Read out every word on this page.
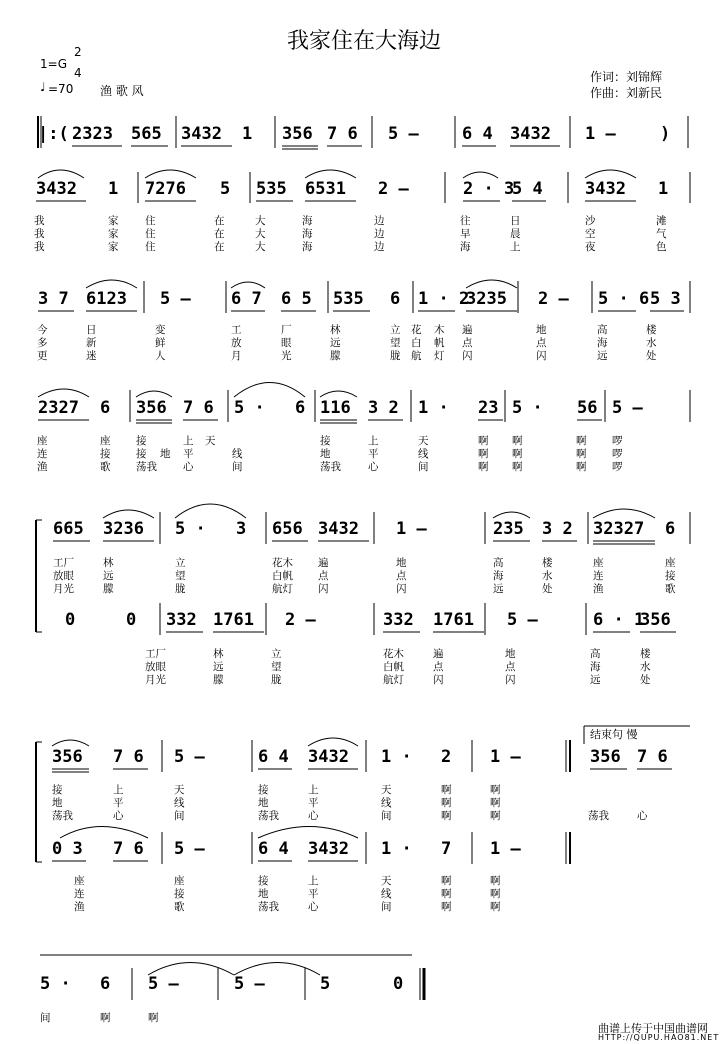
我家住在大海边
1=G
2
4
♩ =70 渔 歌 风
作词：刘锦辉
作曲：刘新民
结束句 慢
|:( 2323 565 3432 1 356 7 6 5 –	6 4 3432 1 –	)
3432 1 7276 5 535 6531 2 –	2 · 3
5 4 3432 1
3 7 6123 5 – 6 7 6 5 535 6 1 · 2
3235 2 – 5 · 6 5 3
2327 6 356 7 6 5 · 6 116 3 2 1 · 23 5 · 56 5 –
665 3236 5 · 3 656 3432 1 –	235 3 2 32327 6
0	0 332 1761 2 –	332 1761 5 –	6 · 1
356
356 7 6 5 –	6 4 3432 1 · 2 1 –	356 7 6
0 3 7 6 5 –	6 4 3432 1 · 7 1 –
5 · 6 5 –	5 –	5	0
我	家	住	在	大	海	边	往	日	沙	滩
我	家	住	在	大	海	边	早	晨	空	气
我	家	住	在	大	海	边	海	上	夜	色
今	日	变	工	厂	林	立 花 木 遍	地	高	楼
多	新	鲜	放	眼	远	望 白 帆 点	点	海	水
更	迷	人	月	光	朦	胧 航 灯 闪	闪	远	处
座	座 接	上 天	接	上	天	啊 啊	啊 啰
连	接 接 地 平	线	地	平	线	啊 啊	啊 啰
渔	歌 荡我 心	间	荡我	心	间	啊 啊	啊 啰
工厂	林	立	花木 遍	地	高	楼	座	座
放眼	远	望	白帆 点	点	海	水	连	接
月光	朦	胧	航灯 闪	闪	远	处	渔	歌
工厂	林	立	花木	遍	地	高	楼
放眼	远	望	白帆	点	点	海	水
月光	朦	胧	航灯	闪	闪	远	处
接	上	天	接	上	天	啊	啊
地	平	线	地	平	线	啊	啊
荡我	心	间	荡我	心	间	啊	啊	荡我	心
座	座	接	上	天	啊	啊
连	接	地	平	线	啊	啊
渔	歌	荡我	心	间	啊	啊
间	啊	啊
曲谱上传于中国曲谱网
HTTP://QUPU.HAO81.NET
